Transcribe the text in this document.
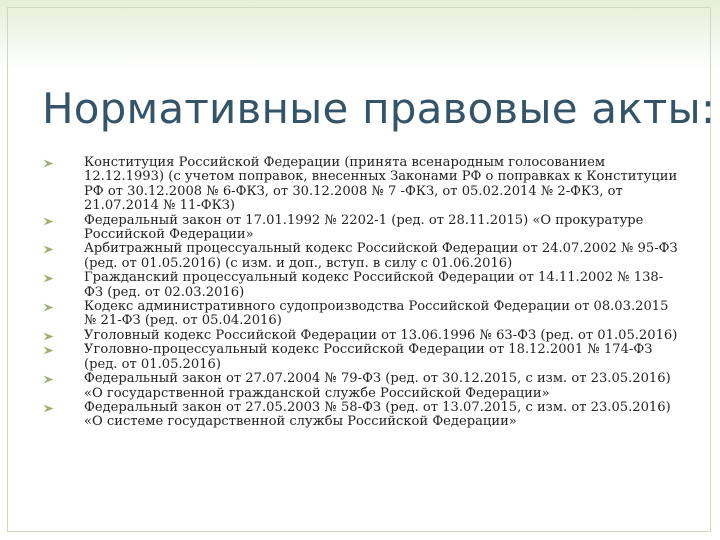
Нормативные правовые акты:
Конституция Российской Федерации (принята всенародным голосованием 12.12.1993) (с учетом поправок, внесенных Законами РФ о поправках к Конституции РФ от 30.12.2008 № 6-ФКЗ, от 30.12.2008 № 7 -ФКЗ, от 05.02.2014 № 2-ФКЗ, от 21.07.2014 № 11-ФКЗ)
Федеральный закон от 17.01.1992 № 2202-1 (ред. от 28.11.2015) «О прокуратуре Российской Федерации»
Арбитражный процессуальный кодекс Российской Федерации от 24.07.2002 № 95-ФЗ (ред. от 01.05.2016) (с изм. и доп., вступ. в силу с 01.06.2016)
Гражданский процессуальный кодекс Российской Федерации от 14.11.2002 № 138-ФЗ (ред. от 02.03.2016)
Кодекс административного судопроизводства Российской Федерации от 08.03.2015 № 21-ФЗ (ред. от 05.04.2016)
Уголовный кодекс Российской Федерации от 13.06.1996 № 63-ФЗ (ред. от 01.05.2016)
Уголовно-процессуальный кодекс Российской Федерации от 18.12.2001 № 174-ФЗ (ред. от 01.05.2016)
Федеральный закон от 27.07.2004 № 79-ФЗ (ред. от 30.12.2015, с изм. от 23.05.2016) «О государственной гражданской службе Российской Федерации»
Федеральный закон от 27.05.2003 № 58-ФЗ (ред. от 13.07.2015, с изм. от 23.05.2016) «О системе государственной службы Российской Федерации»
